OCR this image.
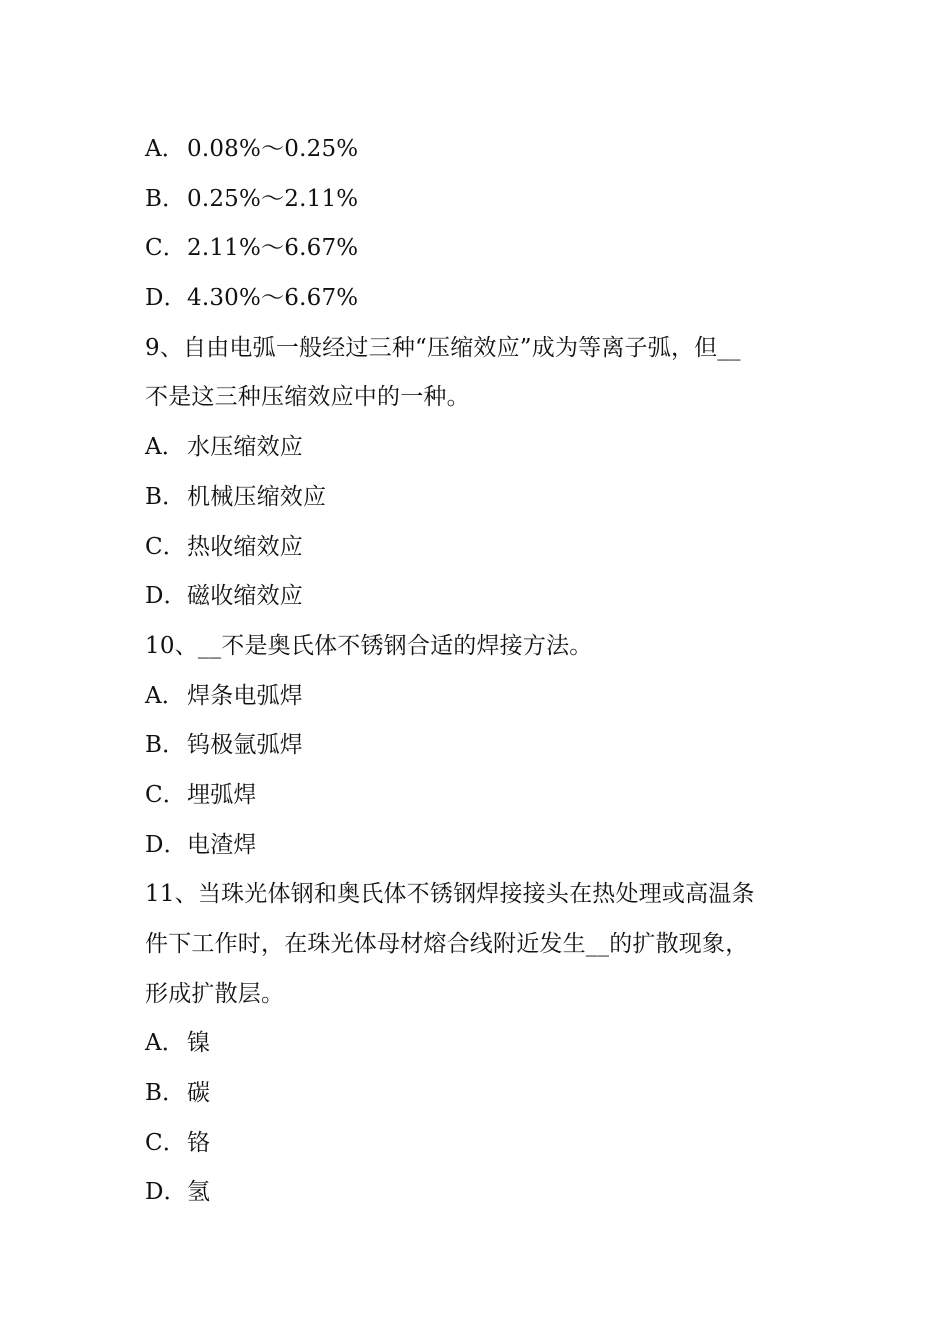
A．0.08%～0.25%
B．0.25%～2.11%
C．2.11%～6.67%
D．4.30%～6.67%
9、自由电弧一般经过三种“压缩效应”成为等离子弧，但__
不是这三种压缩效应中的一种。
A．水压缩效应
B．机械压缩效应
C．热收缩效应
D．磁收缩效应
10、__不是奥氏体不锈钢合适的焊接方法。
A．焊条电弧焊
B．钨极氩弧焊
C．埋弧焊
D．电渣焊
11、当珠光体钢和奥氏体不锈钢焊接接头在热处理或高温条
件下工作时，在珠光体母材熔合线附近发生__的扩散现象，
形成扩散层。
A．镍
B．碳
C．铬
D．氢
